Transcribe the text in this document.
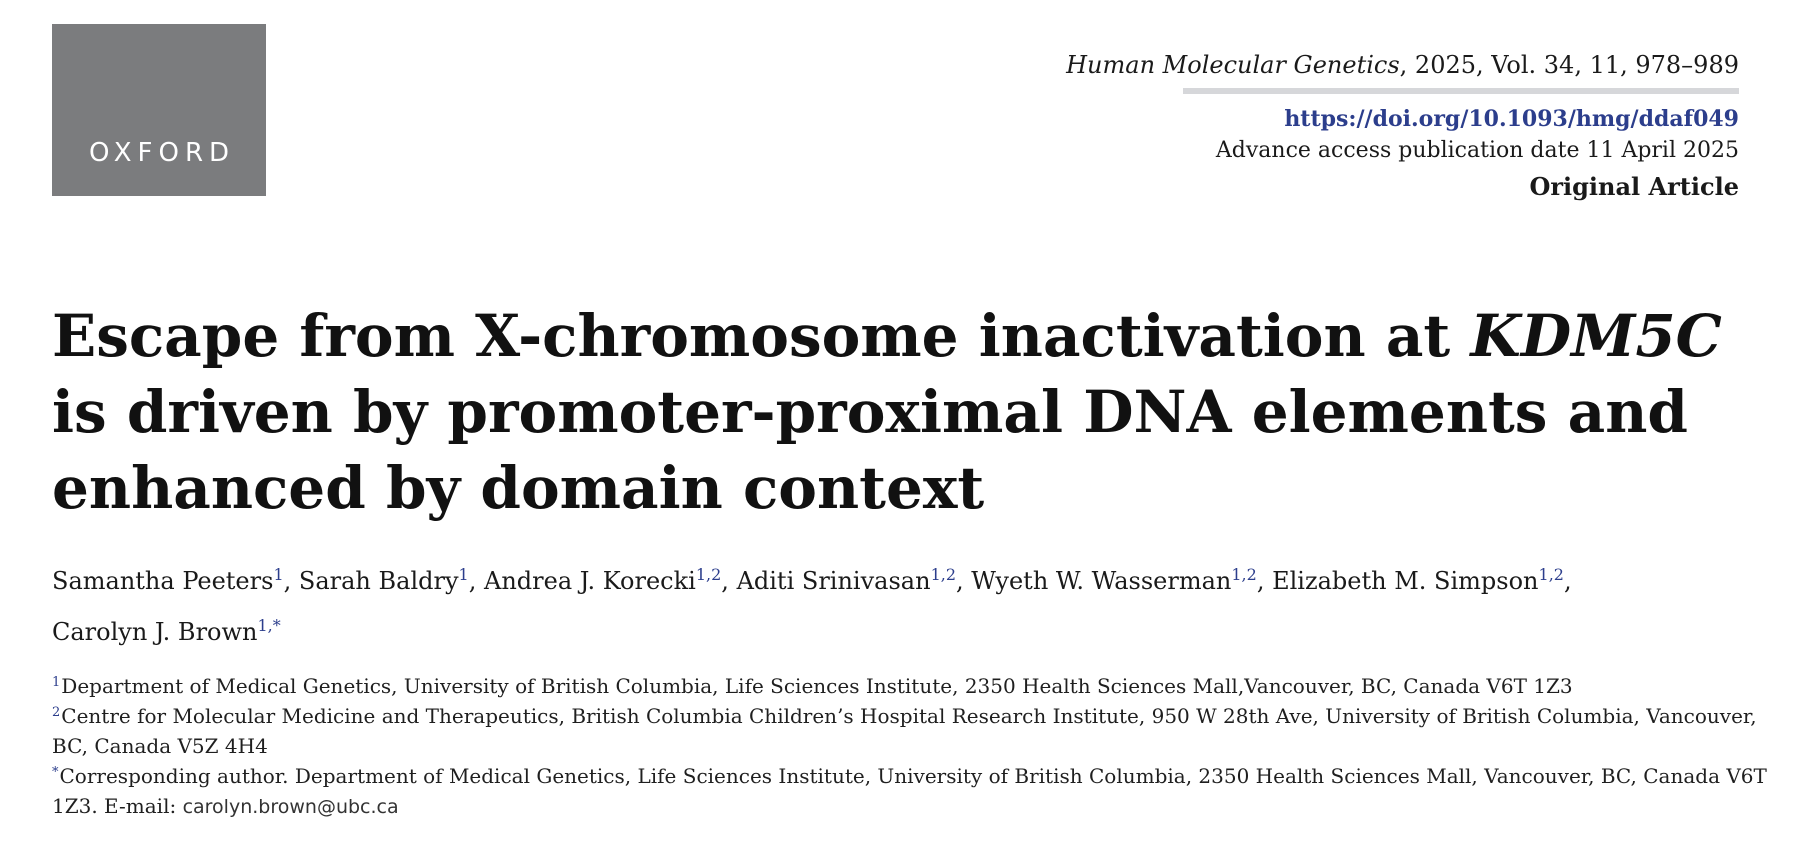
OXFORD
Human Molecular Genetics, 2025, Vol. 34, 11, 978–989
https://doi.org/10.1093/hmg/ddaf049
Advance access publication date 11 April 2025
Original Article
Escape from X-chromosome inactivation at KDM5C is driven by promoter-proximal DNA elements and enhanced by domain context
Samantha Peeters$^1$, Sarah Baldry$^1$, Andrea J. Korecki$^{1,2}$, Aditi Srinivasan$^{1,2}$, Wyeth W. Wasserman$^{1,2}$, Elizabeth M. Simpson$^{1,2}$,
Carolyn J. Brown$^{1,*}$
$^1$Department of Medical Genetics, University of British Columbia, Life Sciences Institute, 2350 Health Sciences Mall,Vancouver, BC, Canada V6T 1Z3
$^2$Centre for Molecular Medicine and Therapeutics, British Columbia Children’s Hospital Research Institute, 950 W 28th Ave, University of British Columbia, Vancouver, BC, Canada V5Z 4H4
*Corresponding author. Department of Medical Genetics, Life Sciences Institute, University of British Columbia, 2350 Health Sciences Mall, Vancouver, BC, Canada V6T 1Z3. E-mail: carolyn.brown@ubc.ca
